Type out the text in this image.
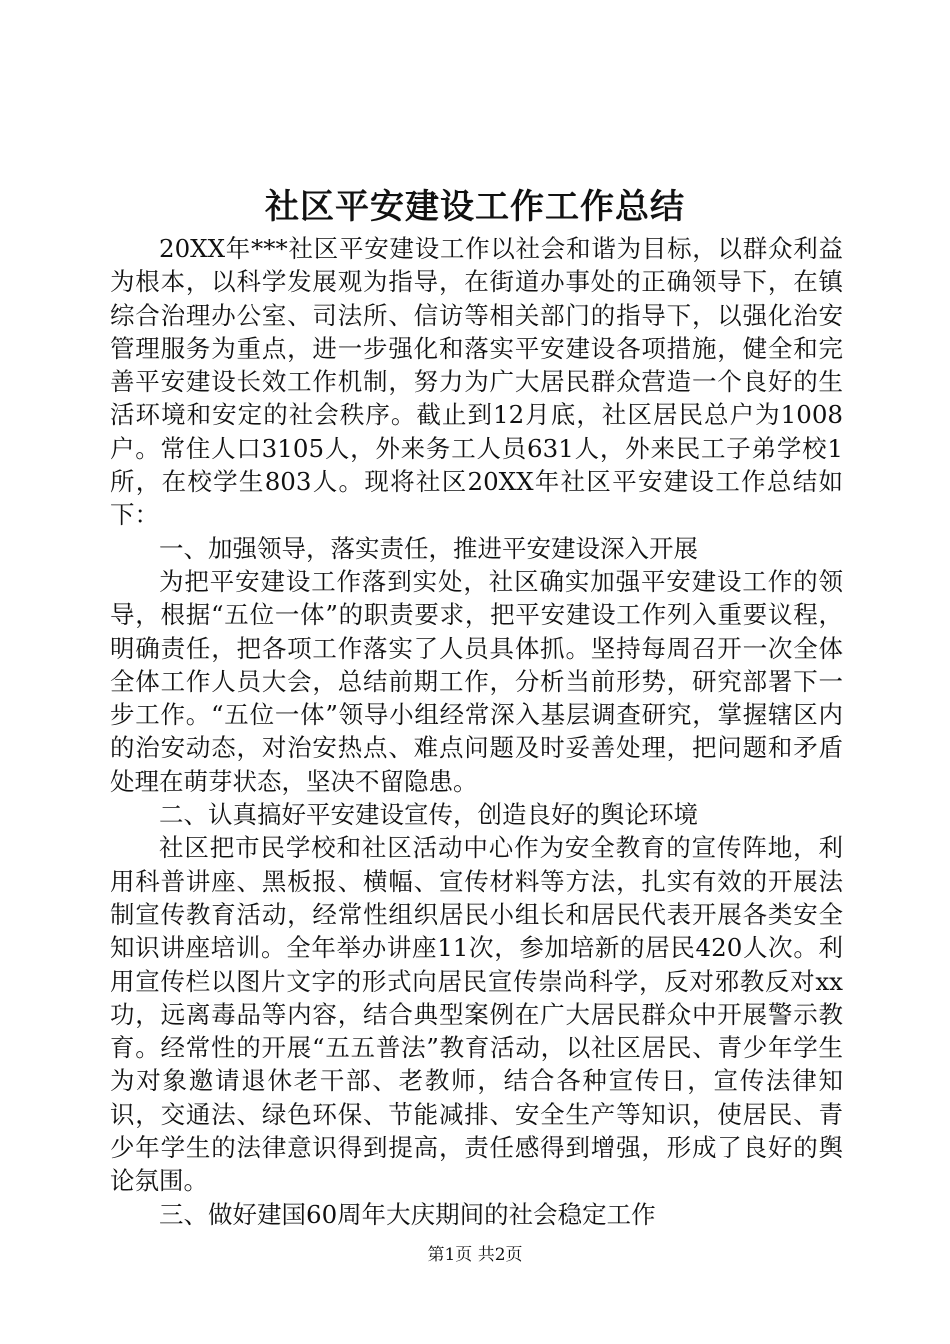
社区平安建设工作工作总结

20XX年***社区平安建设工作以社会和谐为目标，以群众利益为根本，以科学发展观为指导，在街道办事处的正确领导下，在镇综合治理办公室、司法所、信访等相关部门的指导下，以强化治安管理服务为重点，进一步强化和落实平安建设各项措施，健全和完善平安建设长效工作机制，努力为广大居民群众营造一个良好的生活环境和安定的社会秩序。截止到12月底，社区居民总户为1008户。常住人口3105人，外来务工人员631人，外来民工子弟学校1所，在校学生803人。现将社区20XX年社区平安建设工作总结如下：

一、加强领导，落实责任，推进平安建设深入开展

为把平安建设工作落到实处，社区确实加强平安建设工作的领导，根据“五位一体”的职责要求，把平安建设工作列入重要议程，明确责任，把各项工作落实了人员具体抓。坚持每周召开一次全体全体工作人员大会，总结前期工作，分析当前形势，研究部署下一步工作。“五位一体”领导小组经常深入基层调查研究，掌握辖区内的治安动态，对治安热点、难点问题及时妥善处理，把问题和矛盾处理在萌芽状态，坚决不留隐患。

二、认真搞好平安建设宣传，创造良好的舆论环境

社区把市民学校和社区活动中心作为安全教育的宣传阵地，利用科普讲座、黑板报、横幅、宣传材料等方法，扎实有效的开展法制宣传教育活动，经常性组织居民小组长和居民代表开展各类安全知识讲座培训。全年举办讲座11次，参加培新的居民420人次。利用宣传栏以图片文字的形式向居民宣传崇尚科学，反对邪教反对xx功，远离毒品等内容，结合典型案例在广大居民群众中开展警示教育。经常性的开展“五五普法”教育活动，以社区居民、青少年学生为对象邀请退休老干部、老教师，结合各种宣传日，宣传法律知识，交通法、绿色环保、节能减排、安全生产等知识，使居民、青少年学生的法律意识得到提高，责任感得到增强，形成了良好的舆论氛围。

三、做好建国60周年大庆期间的社会稳定工作

第1页 共2页
